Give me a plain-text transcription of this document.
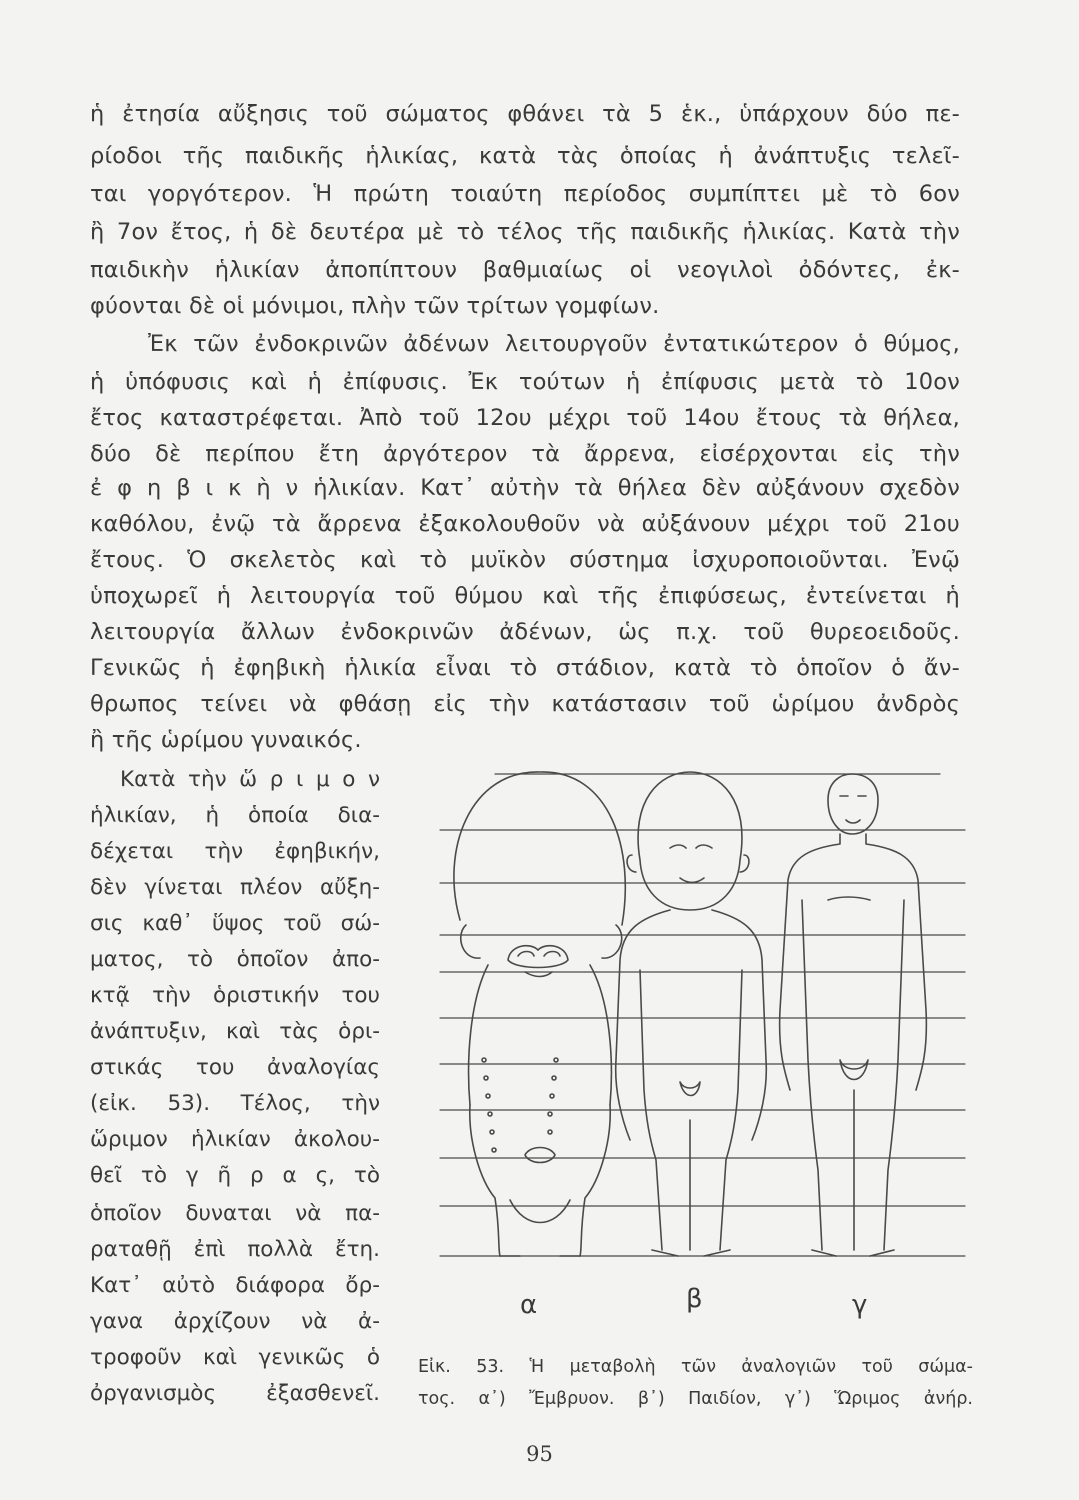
ἡ ἐτησία αὔξησις τοῦ σώματος φθάνει τὰ 5 ἑκ., ὑπάρχουν δύο πε-
ρίοδοι τῆς παιδικῆς ἡλικίας, κατὰ τὰς ὁποίας ἡ ἀνάπτυξις τελεῖ-
ται γοργότερον. Ἡ πρώτη τοιαύτη περίοδος συμπίπτει μὲ τὸ 6ον
ἢ 7ον ἔτος, ἡ δὲ δευτέρα μὲ τὸ τέλος τῆς παιδικῆς ἡλικίας. Κατὰ τὴν
παιδικὴν ἡλικίαν ἀποπίπτουν βαθμιαίως οἱ νεογιλοὶ ὀδόντες, ἐκ-
φύονται δὲ οἱ μόνιμοι, πλὴν τῶν τρίτων γομφίων.
Ἐκ τῶν ἐνδοκρινῶν ἀδένων λειτουργοῦν ἐντατικώτερον ὁ θύμος,
ἡ ὑπόφυσις καὶ ἡ ἐπίφυσις. Ἐκ τούτων ἡ ἐπίφυσις μετὰ τὸ 10ον
ἔτος καταστρέφεται. Ἀπὸ τοῦ 12ου μέχρι τοῦ 14ου ἔτους τὰ θήλεα,
δύο δὲ περίπου ἔτη ἀργότερον τὰ ἄρρενα, εἰσέρχονται εἰς τὴν
ἐ φ η β ι κ ὴ ν ἡλικίαν. Κατ᾽ αὐτὴν τὰ θήλεα δὲν αὐξάνουν σχεδὸν
καθόλου, ἐνῷ τὰ ἄρρενα ἐξακολουθοῦν νὰ αὐξάνουν μέχρι τοῦ 21ου
ἔτους. Ὁ σκελετὸς καὶ τὸ μυϊκὸν σύστημα ἰσχυροποιοῦνται. Ἐνῷ
ὑποχωρεῖ ἡ λειτουργία τοῦ θύμου καὶ τῆς ἐπιφύσεως, ἐντείνεται ἡ
λειτουργία ἄλλων ἐνδοκρινῶν ἀδένων, ὡς π.χ. τοῦ θυρεοειδοῦς.
Γενικῶς ἡ ἐφηβικὴ ἡλικία εἶναι τὸ στάδιον, κατὰ τὸ ὁποῖον ὁ ἄν-
θρωπος τείνει νὰ φθάσῃ εἰς τὴν κατάστασιν τοῦ ὡρίμου ἀνδρὸς
ἢ τῆς ὡρίμου γυναικός.
Κατὰ τὴν ὥ ρ ι μ ο ν
ἡλικίαν, ἡ ὁποία δια-
δέχεται τὴν ἐφηβικήν,
δὲν γίνεται πλέον αὔξη-
σις καθ᾽ ὕψος τοῦ σώ-
ματος, τὸ ὁποῖον ἀπο-
κτᾷ τὴν ὁριστικήν του
ἀνάπτυξιν, καὶ τὰς ὁρι-
στικάς του ἀναλογίας
(εἰκ. 53). Τέλος, τὴν
ὥριμον ἡλικίαν ἀκολου-
θεῖ τὸ γ ῆ ρ α ς, τὸ
ὁποῖον δυναται νὰ πα-
ραταθῇ ἐπὶ πολλὰ ἔτη.
Κατ᾽ αὐτὸ διάφορα ὄρ-
γανα ἀρχίζουν νὰ ἀ-
τροφοῦν καὶ γενικῶς ὁ
ὀργανισμὸς ἐξασθενεῖ.
α	β	γ
Εἰκ. 53. Ἡ μεταβολὴ τῶν ἀναλογιῶν τοῦ σώμα-
τος. α᾽) Ἔμβρυον. β᾽) Παιδίον, γ᾽) Ὥριμος ἀνήρ.
95
